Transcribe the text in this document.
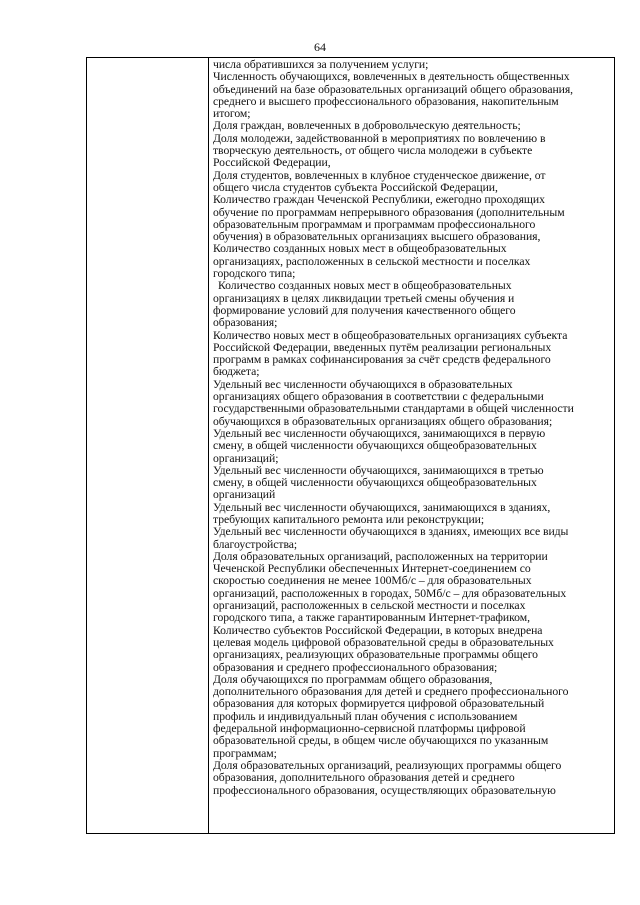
64
числа обратившихся за получением услуги;
Численность обучающихся, вовлеченных в деятельность общественных
объединений на базе образовательных организаций общего образования,
среднего и высшего профессионального образования, накопительным
итогом;
Доля граждан, вовлеченных в добровольческую деятельность;
Доля молодежи, задействованной в мероприятиях по вовлечению в
творческую деятельность, от общего числа молодежи в субъекте
Российской Федерации,
Доля студентов, вовлеченных в клубное студенческое движение, от
общего числа студентов субъекта Российской Федерации,
Количество граждан Чеченской Республики, ежегодно проходящих
обучение по программам непрерывного образования (дополнительным
образовательным программам и программам профессионального
обучения) в образовательных организациях высшего образования,
Количество созданных новых мест в общеобразовательных
организациях, расположенных в сельской местности и поселках
городского типа;
Количество созданных новых мест в общеобразовательных
организациях в целях ликвидации третьей смены обучения и
формирование условий для получения качественного общего
образования;
Количество новых мест в общеобразовательных организациях субъекта
Российской Федерации, введенных путём реализации региональных
программ в рамках софинансирования за счёт средств федерального
бюджета;
Удельный вес численности обучающихся в образовательных
организациях общего образования в соответствии с федеральными
государственными образовательными стандартами в общей численности
обучающихся в образовательных организациях общего образования;
Удельный вес численности обучающихся, занимающихся в первую
смену, в общей численности обучающихся общеобразовательных
организаций;
Удельный вес численности обучающихся, занимающихся в третью
смену, в общей численности обучающихся общеобразовательных
организаций
Удельный вес численности обучающихся, занимающихся в зданиях,
требующих капитального ремонта или реконструкции;
Удельный вес численности обучающихся в зданиях, имеющих все виды
благоустройства;
Доля образовательных организаций, расположенных на территории
Чеченской Республики обеспеченных Интернет-соединением со
скоростью соединения не менее 100Мб/с – для образовательных
организаций, расположенных в городах, 50Мб/с – для образовательных
организаций, расположенных в сельской местности и поселках
городского типа, а также гарантированным Интернет-трафиком,
Количество субъектов Российской Федерации, в которых внедрена
целевая модель цифровой образовательной среды в образовательных
организациях, реализующих образовательные программы общего
образования и среднего профессионального образования;
Доля обучающихся по программам общего образования,
дополнительного образования для детей и среднего профессионального
образования для которых формируется цифровой образовательный
профиль и индивидуальный план обучения с использованием
федеральной информационно-сервисной платформы цифровой
образовательной среды, в общем числе обучающихся по указанным
программам;
Доля образовательных организаций, реализующих программы общего
образования, дополнительного образования детей и среднего
профессионального образования, осуществляющих образовательную
